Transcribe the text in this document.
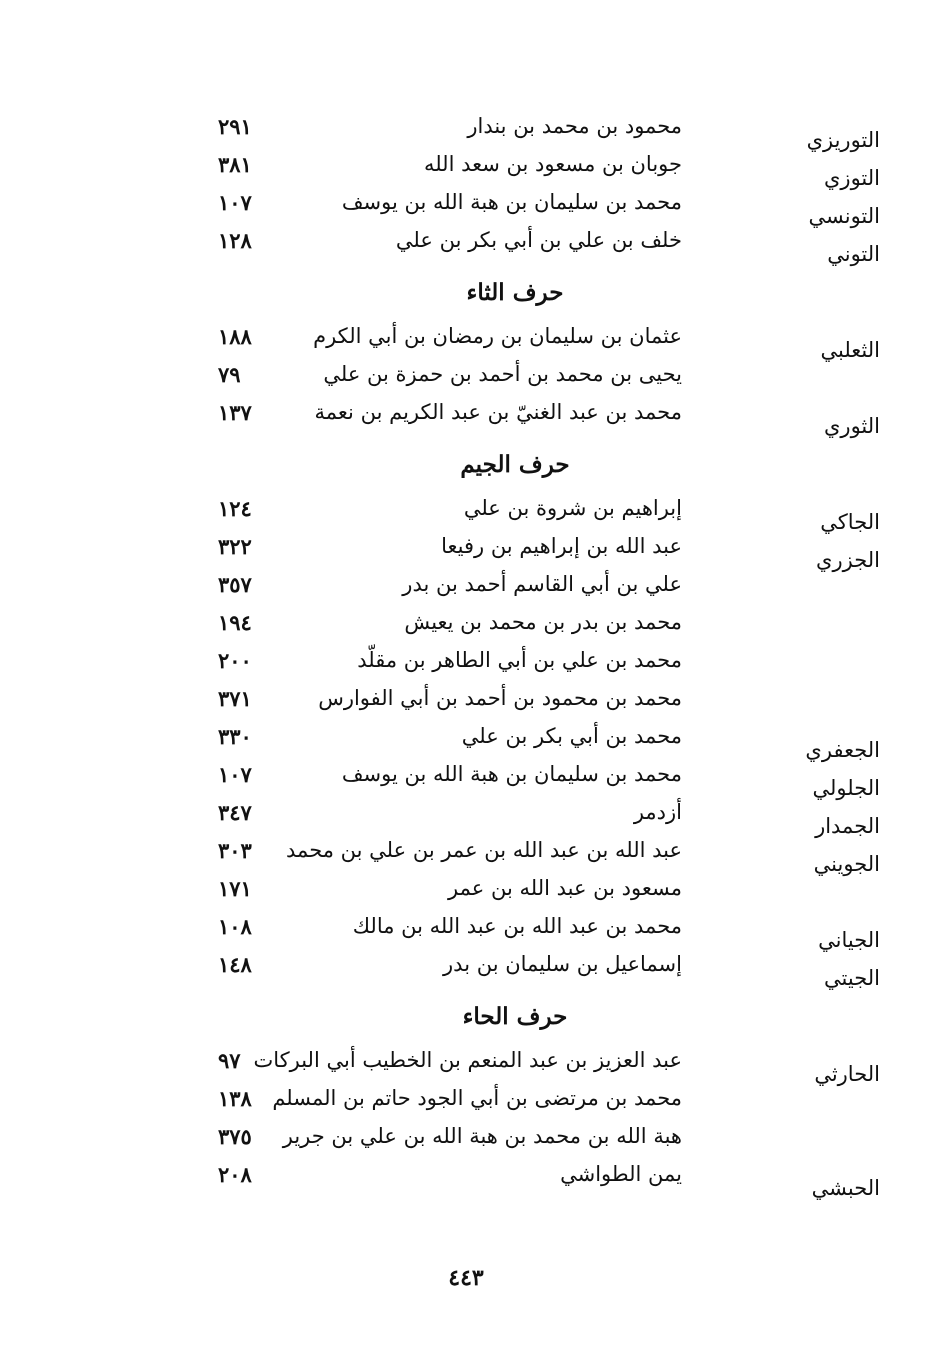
التوريزي
محمود بن محمد بن بندار
٢٩١
التوزي
جوبان بن مسعود بن سعد الله
٣٨١
التونسي
محمد بن سليمان بن هبة الله بن يوسف
١٠٧
التوني
خلف بن علي بن أبي بكر بن علي
١٢٨
حرف الثاء
الثعلبي
عثمان بن سليمان بن رمضان بن أبي الكرم
١٨٨
يحيى بن محمد بن أحمد بن حمزة بن علي
٧٩
الثوري
محمد بن عبد الغنيّ بن عبد الكريم بن نعمة
١٣٧
حرف الجيم
الجاكي
إبراهيم بن شروة بن علي
١٢٤
الجزري
عبد الله بن إبراهيم بن رفيعا
٣٢٢
علي بن أبي القاسم أحمد بن بدر
٣٥٧
محمد بن بدر بن محمد بن يعيش
١٩٤
محمد بن علي بن أبي الطاهر بن مقلّد
٢٠٠
محمد بن محمود بن أحمد بن أبي الفوارس
٣٧١
الجعفري
محمد بن أبي بكر بن علي
٣٣٠
الجلولي
محمد بن سليمان بن هبة الله بن يوسف
١٠٧
الجمدار
أزدمر
٣٤٧
الجويني
عبد الله بن عبد الله بن عمر بن علي بن محمد
٣٠٣
مسعود بن عبد الله بن عمر
١٧١
الجياني
محمد بن عبد الله بن عبد الله بن مالك
١٠٨
الجيتي
إسماعيل بن سليمان بن بدر
١٤٨
حرف الحاء
الحارثي
عبد العزيز بن عبد المنعم بن الخطيب أبي البركات
٩٧
محمد بن مرتضى بن أبي الجود حاتم بن المسلم
١٣٨
هبة الله بن محمد بن هبة الله بن علي بن جرير
٣٧٥
الحبشي
يمن الطواشي
٢٠٨
٤٤٣
